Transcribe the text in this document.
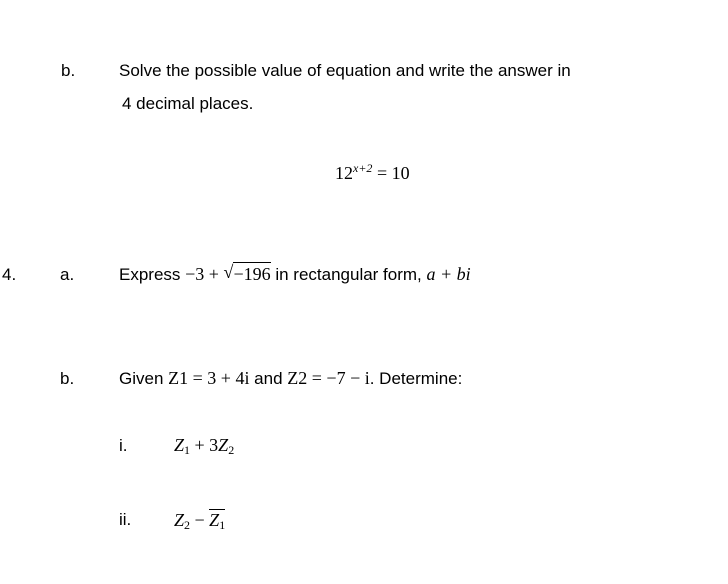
b.	Solve the possible value of equation and write the answer in
4 decimal places.
$12^{x+2} = 10$
4.	a.	Express −3 + √ −196 in rectangular form, a + bi
b.	Given Z1 = 3 + 4i and Z2 = −7 − i. Determine:
i.	$Z_1 + 3Z_2$
ii. $Z_2 - Z_1$
